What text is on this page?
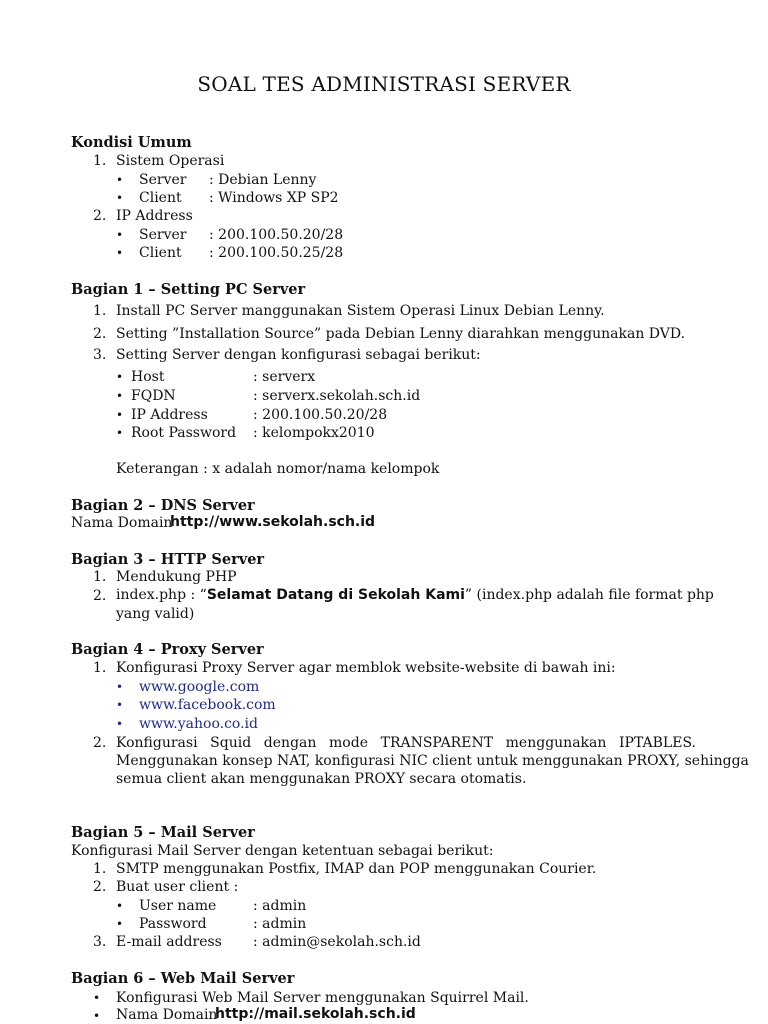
SOAL TES ADMINISTRASI SERVER
Kondisi Umum
1. Sistem Operasi
• Server : Debian Lenny
• Client : Windows XP SP2
2. IP Address
• Server : 200.100.50.20/28
• Client : 200.100.50.25/28
Bagian 1 – Setting PC Server
1. Install PC Server manggunakan Sistem Operasi Linux Debian Lenny.
2. Setting ”Installation Source” pada Debian Lenny diarahkan menggunakan DVD.
3. Setting Server dengan konfigurasi sebagai berikut:
• Host	: serverx
• FQDN	: serverx.sekolah.sch.id
• IP Address	: 200.100.50.20/28
• Root Password : kelompokx2010
Keterangan : x adalah nomor/nama kelompok
Bagian 2 – DNS Server
Nama Domain
http://www.sekolah.sch.id
Bagian 3 – HTTP Server
1. Mendukung PHP
2. index.php : “ Selamat Datang di Sekolah Kami ” (index.php adalah file format php
yang valid)
Bagian 4 – Proxy Server
1. Konfigurasi Proxy Server agar memblok website-website di bawah ini:
• www.google.com
• www.facebook.com
• www.yahoo.co.id
2. Konfigurasi Squid dengan mode TRANSPARENT menggunakan IPTABLES.
Menggunakan konsep NAT, konfigurasi NIC client untuk menggunakan PROXY, sehingga
semua client akan menggunakan PROXY secara otomatis.
Bagian 5 – Mail Server
Konfigurasi Mail Server dengan ketentuan sebagai berikut:
1. SMTP menggunakan Postfix, IMAP dan POP menggunakan Courier.
2. Buat user client :
• User name	: admin
• Password	: admin
3. E-mail address : admin@sekolah.sch.id
Bagian 6 – Web Mail Server
• Konfigurasi Web Mail Server menggunakan Squirrel Mail.
• Nama Domain
http://mail.sekolah.sch.id
